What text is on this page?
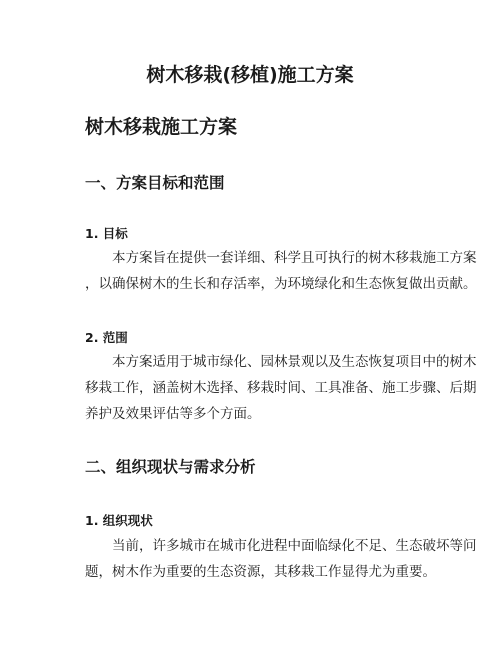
树木移栽(移植)施工方案
树木移栽施工方案
一、方案目标和范围
1. 目标

　　本方案旨在提供一套详细、科学且可执行的树木移栽施工方案
，以确保树木的生长和存活率，为环境绿化和生态恢复做出贡献。

2. 范围

　　本方案适用于城市绿化、园林景观以及生态恢复项目中的树木
移栽工作，涵盖树木选择、移栽时间、工具准备、施工步骤、后期
养护及效果评估等多个方面。

二、组织现状与需求分析
1. 组织现状

　　当前，许多城市在城市化进程中面临绿化不足、生态破坏等问
题，树木作为重要的生态资源，其移栽工作显得尤为重要。
